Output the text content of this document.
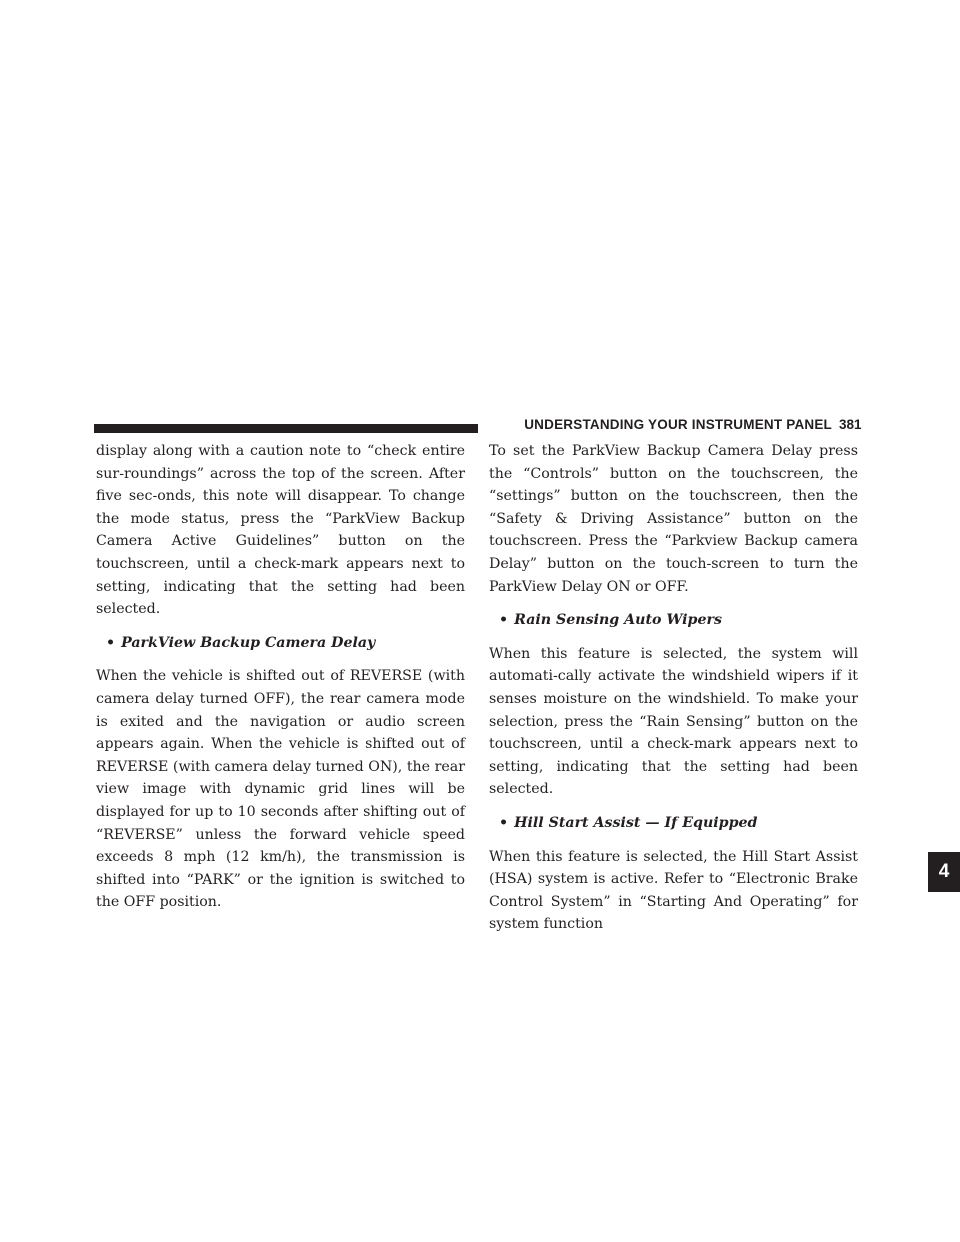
UNDERSTANDING YOUR INSTRUMENT PANEL 381
4

display along with a caution note to “check entire sur-roundings” across the top of the screen. After five sec-onds, this note will disappear. To change the mode status, press the “ParkView Backup Camera Active Guidelines” button on the touchscreen, until a check-mark appears next to setting, indicating that the setting had been selected.

• ParkView Backup Camera Delay

When the vehicle is shifted out of REVERSE (with camera delay turned OFF), the rear camera mode is exited and the navigation or audio screen appears again. When the vehicle is shifted out of REVERSE (with camera delay turned ON), the rear view image with dynamic grid lines will be displayed for up to 10 seconds after shifting out of “REVERSE” unless the forward vehicle speed exceeds 8 mph (12 km/h), the transmission is shifted into “PARK” or the ignition is switched to the OFF position.

To set the ParkView Backup Camera Delay press the “Controls” button on the touchscreen, the “settings” button on the touchscreen, then the “Safety & Driving Assistance” button on the touchscreen. Press the “Parkview Backup camera Delay” button on the touch-screen to turn the ParkView Delay ON or OFF.

• Rain Sensing Auto Wipers

When this feature is selected, the system will automati-cally activate the windshield wipers if it senses moisture on the windshield. To make your selection, press the “Rain Sensing” button on the touchscreen, until a check-mark appears next to setting, indicating that the setting had been selected.

• Hill Start Assist — If Equipped

When this feature is selected, the Hill Start Assist (HSA) system is active. Refer to “Electronic Brake Control System” in “Starting And Operating” for system function
